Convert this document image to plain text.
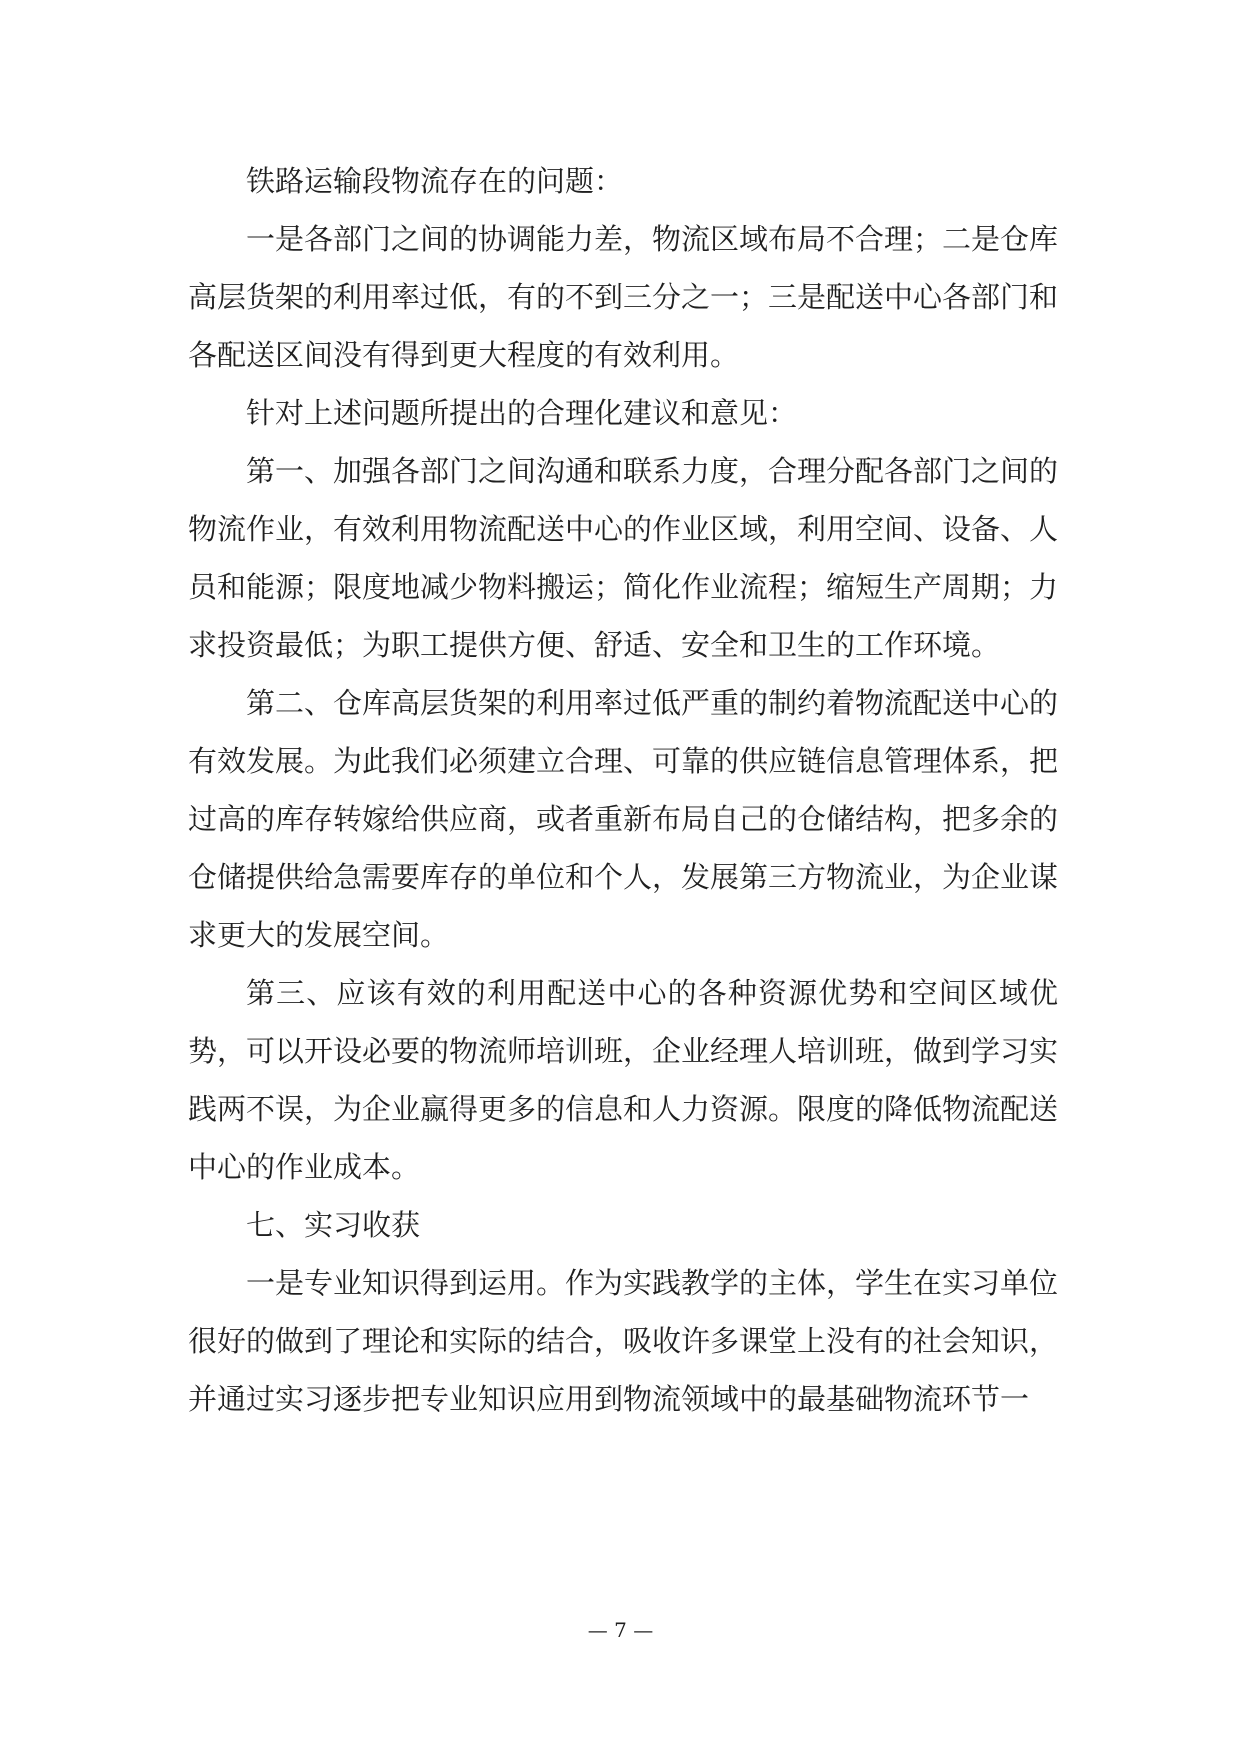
铁路运输段物流存在的问题：

一是各部门之间的协调能力差，物流区域布局不合理；二是仓库高层货架的利用率过低，有的不到三分之一；三是配送中心各部门和各配送区间没有得到更大程度的有效利用。

针对上述问题所提出的合理化建议和意见：

第一、加强各部门之间沟通和联系力度，合理分配各部门之间的物流作业，有效利用物流配送中心的作业区域，利用空间、设备、人员和能源；限度地减少物料搬运；简化作业流程；缩短生产周期；力求投资最低；为职工提供方便、舒适、安全和卫生的工作环境。

第二、仓库高层货架的利用率过低严重的制约着物流配送中心的有效发展。为此我们必须建立合理、可靠的供应链信息管理体系，把过高的库存转嫁给供应商，或者重新布局自己的仓储结构，把多余的仓储提供给急需要库存的单位和个人，发展第三方物流业，为企业谋求更大的发展空间。

第三、应该有效的利用配送中心的各种资源优势和空间区域优势，可以开设必要的物流师培训班，企业经理人培训班，做到学习实践两不误，为企业赢得更多的信息和人力资源。限度的降低物流配送中心的作业成本。

七、实习收获

一是专业知识得到运用。作为实践教学的主体，学生在实习单位很好的做到了理论和实际的结合，吸收许多课堂上没有的社会知识，并通过实习逐步把专业知识应用到物流领域中的最基础物流环节一

— 7 —
